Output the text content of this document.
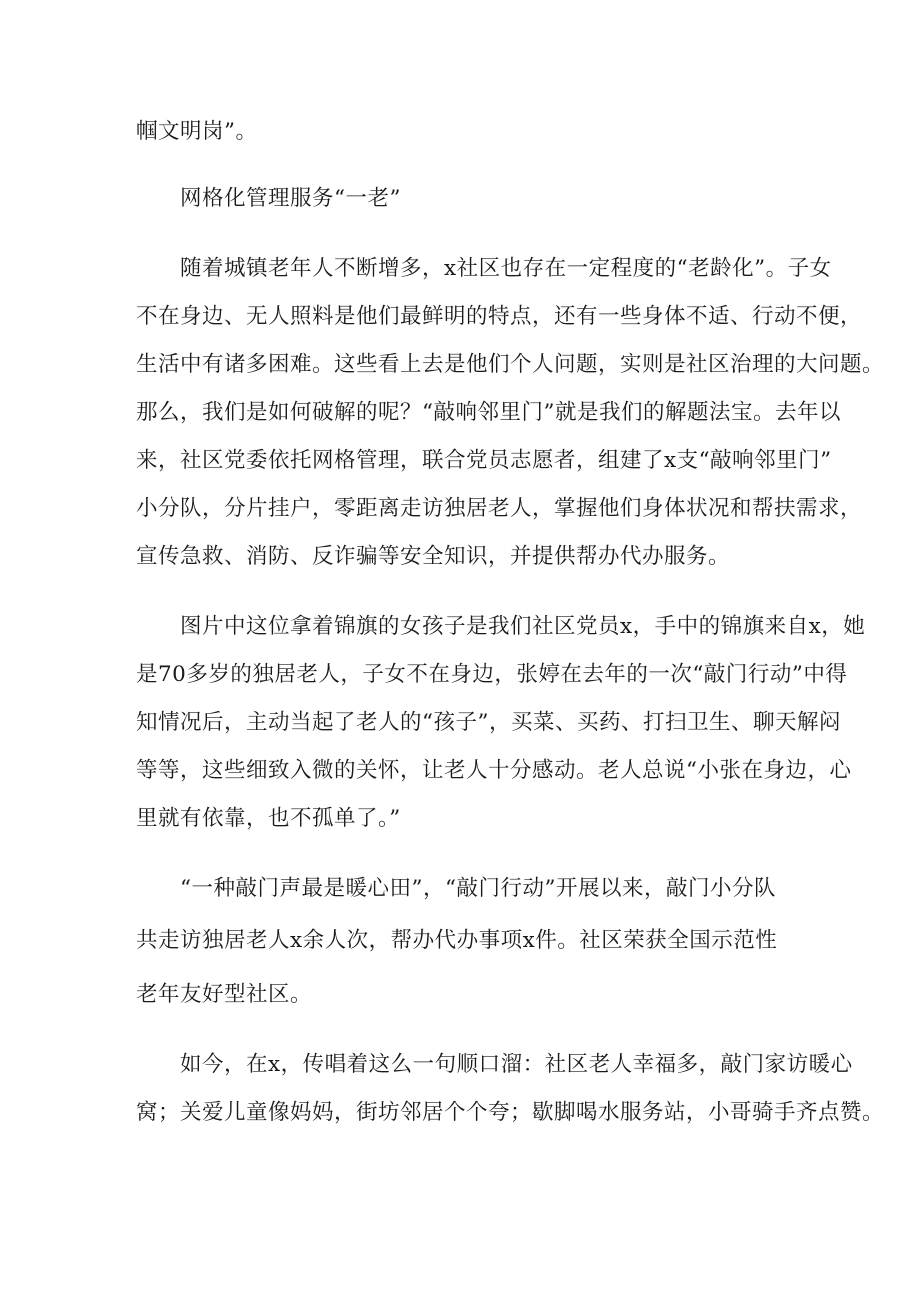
帼文明岗”。
网格化管理服务“一老”
随着城镇老年人不断增多，x社区也存在一定程度的“老龄化”。子女
不在身边、无人照料是他们最鲜明的特点，还有一些身体不适、行动不便，
生活中有诸多困难。这些看上去是他们个人问题，实则是社区治理的大问题。
那么，我们是如何破解的呢？“敲响邻里门”就是我们的解题法宝。去年以
来，社区党委依托网格管理，联合党员志愿者，组建了x支“敲响邻里门”
小分队，分片挂户，零距离走访独居老人，掌握他们身体状况和帮扶需求，
宣传急救、消防、反诈骗等安全知识，并提供帮办代办服务。
图片中这位拿着锦旗的女孩子是我们社区党员x，手中的锦旗来自x，她
是70多岁的独居老人，子女不在身边，张婷在去年的一次“敲门行动”中得
知情况后，主动当起了老人的“孩子”，买菜、买药、打扫卫生、聊天解闷
等等，这些细致入微的关怀，让老人十分感动。老人总说“小张在身边，心
里就有依靠，也不孤单了。”
“一种敲门声最是暖心田”，“敲门行动”开展以来，敲门小分队
共走访独居老人x余人次，帮办代办事项x件。社区荣获全国示范性
老年友好型社区。
如今，在x，传唱着这么一句顺口溜：社区老人幸福多，敲门家访暖心
窝；关爱儿童像妈妈，街坊邻居个个夸；歇脚喝水服务站，小哥骑手齐点赞。
